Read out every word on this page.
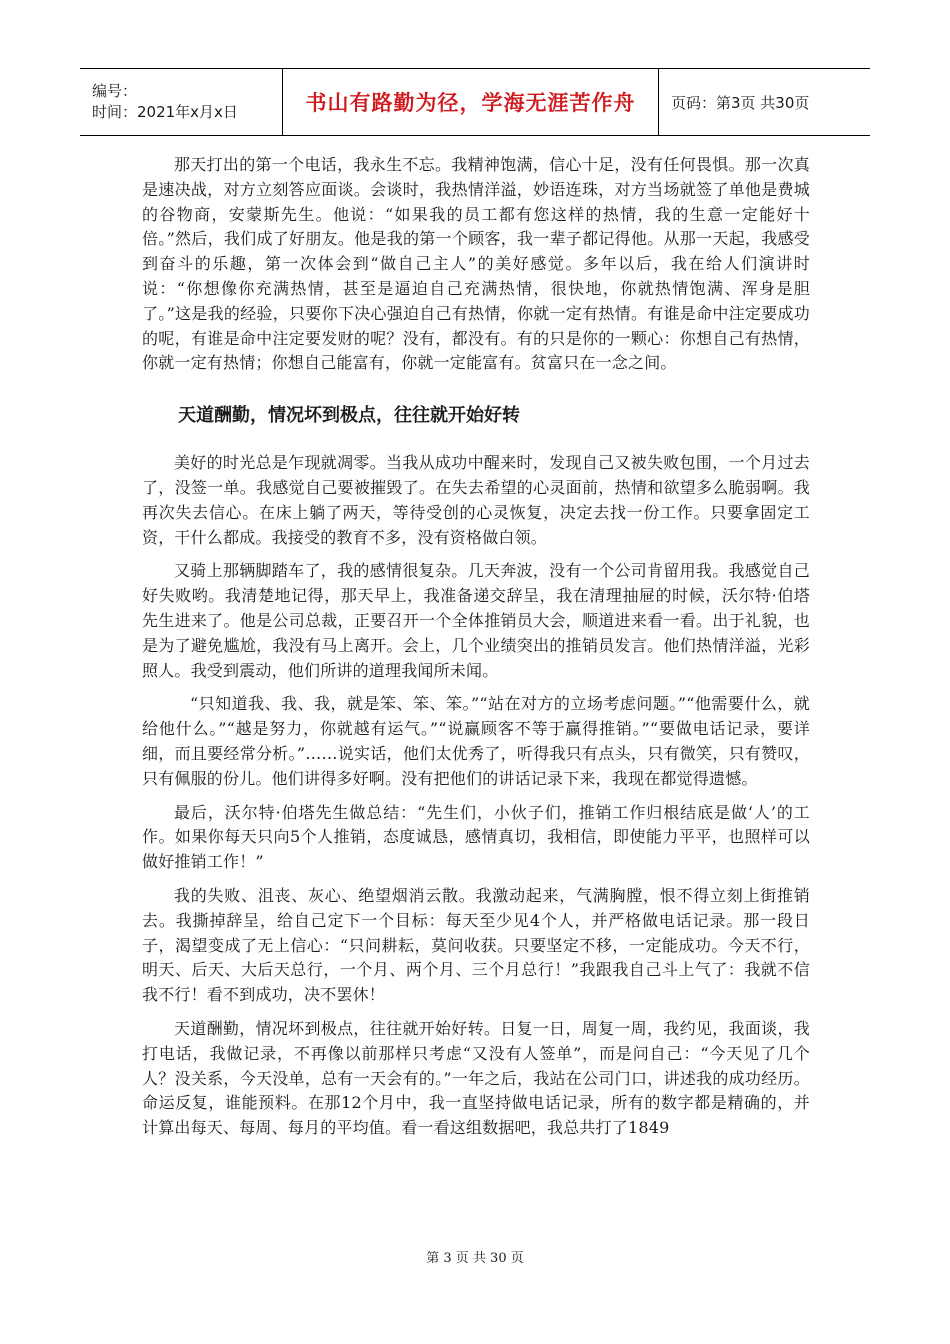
编号：
时间：2021年x月x日	书山有路勤为径，学海无涯苦作舟 页码：第3页 共30页

那天打出的第一个电话，我永生不忘。我精神饱满，信心十足，没有任何畏惧。那一次真是速决战，对方立刻答应面谈。会谈时，我热情洋溢，妙语连珠，对方当场就签了单他是费城的谷物商，安蒙斯先生。他说：“如果我的员工都有您这样的热情，我的生意一定能好十倍。”然后，我们成了好朋友。他是我的第一个顾客，我一辈子都记得他。从那一天起，我感受到奋斗的乐趣，第一次体会到“做自己主人”的美好感觉。多年以后，我在给人们演讲时说：“你想像你充满热情，甚至是逼迫自己充满热情，很快地，你就热情饱满、浑身是胆了。”这是我的经验，只要你下决心强迫自己有热情，你就一定有热情。有谁是命中注定要成功的呢，有谁是命中注定要发财的呢？没有，都没有。有的只是你的一颗心：你想自己有热情，你就一定有热情；你想自己能富有，你就一定能富有。贫富只在一念之间。

天道酬勤，情况坏到极点，往往就开始好转

美好的时光总是乍现就凋零。当我从成功中醒来时，发现自己又被失败包围，一个月过去了，没签一单。我感觉自己要被摧毁了。在失去希望的心灵面前，热情和欲望多么脆弱啊。我再次失去信心。在床上躺了两天，等待受创的心灵恢复，决定去找一份工作。只要拿固定工资，干什么都成。我接受的教育不多，没有资格做白领。

又骑上那辆脚踏车了，我的感情很复杂。几天奔波，没有一个公司肯留用我。我感觉自己好失败哟。我清楚地记得，那天早上，我准备递交辞呈，我在清理抽屉的时候，沃尔特·伯塔先生进来了。他是公司总裁，正要召开一个全体推销员大会，顺道进来看一看。出于礼貌，也是为了避免尴尬，我没有马上离开。会上，几个业绩突出的推销员发言。他们热情洋溢，光彩照人。我受到震动，他们所讲的道理我闻所未闻。

“只知道我、我、我，就是笨、笨、笨。”“站在对方的立场考虑问题。”“他需要什么，就给他什么。”“越是努力，你就越有运气。”“说赢顾客不等于赢得推销。”“要做电话记录，要详细，而且要经常分析。”……说实话，他们太优秀了，听得我只有点头，只有微笑，只有赞叹，只有佩服的份儿。他们讲得多好啊。没有把他们的讲话记录下来，我现在都觉得遗憾。

最后，沃尔特·伯塔先生做总结：“先生们，小伙子们，推销工作归根结底是做‘人’的工作。如果你每天只向5个人推销，态度诚恳，感情真切，我相信，即使能力平平，也照样可以做好推销工作！”

我的失败、沮丧、灰心、绝望烟消云散。我激动起来，气满胸膛，恨不得立刻上街推销去。我撕掉辞呈，给自己定下一个目标：每天至少见4个人，并严格做电话记录。那一段日子，渴望变成了无上信心：“只问耕耘，莫问收获。只要坚定不移，一定能成功。今天不行，明天、后天、大后天总行，一个月、两个月、三个月总行！”我跟我自己斗上气了：我就不信我不行！看不到成功，决不罢休！

天道酬勤，情况坏到极点，往往就开始好转。日复一日，周复一周，我约见，我面谈，我打电话，我做记录，不再像以前那样只考虑“又没有人签单”，而是问自己：“今天见了几个人？没关系，今天没单，总有一天会有的。”一年之后，我站在公司门口，讲述我的成功经历。命运反复，谁能预料。在那12个月中，我一直坚持做电话记录，所有的数字都是精确的，并计算出每天、每周、每月的平均值。看一看这组数据吧，我总共打了1849

第 3 页 共 30 页
